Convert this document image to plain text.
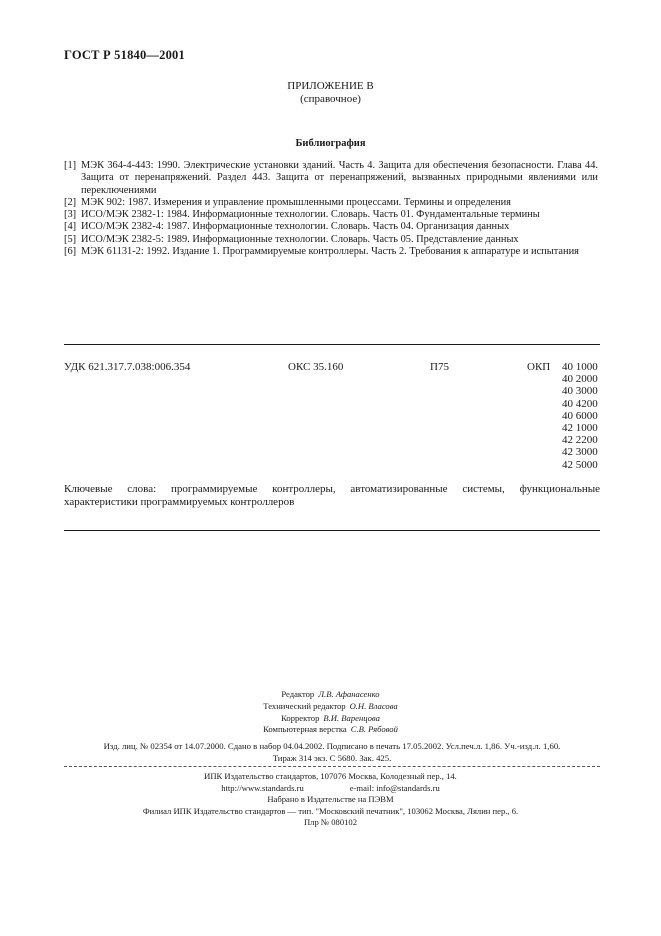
ГОСТ Р 51840—2001
ПРИЛОЖЕНИЕ В
(справочное)
Библиография
[1] МЭК 364-4-443: 1990. Электрические установки зданий. Часть 4. Защита для обеспечения безопасности. Глава 44. Защита от перенапряжений. Раздел 443. Защита от перенапряжений, вызванных природными явлениями или переключениями
[2] МЭК 902: 1987. Измерения и управление промышленными процессами. Термины и определения
[3] ИСО/МЭК 2382-1: 1984. Информационные технологии. Словарь. Часть 01. Фундаментальные термины
[4] ИСО/МЭК 2382-4: 1987. Информационные технологии. Словарь. Часть 04. Организация данных
[5] ИСО/МЭК 2382-5: 1989. Информационные технологии. Словарь. Часть 05. Представление данных
[6] МЭК 61131-2: 1992. Издание 1. Программируемые контроллеры. Часть 2. Требования к аппаратуре и испытания
УДК 621.317.7.038:006.354	ОКС 35.160	П75	ОКП 40 1000
40 2000
40 3000
40 4200
40 6000
42 1000
42 2200
42 3000
42 5000
Ключевые слова: программируемые контроллеры, автоматизированные системы, функциональные характеристики программируемых контроллеров
Редактор Л.В. Афанасенко
Технический редактор О.Н. Власова
Корректор В.И. Варенцова
Компьютерная верстка С.В. Рябовой
Изд. лиц. № 02354 от 14.07.2000. Сдано в набор 04.04.2002. Подписано в печать 17.05.2002. Усл.печ.л. 1,86. Уч.-изд.л. 1,60.
Тираж 314 экз. С 5680. Зак. 425.
ИПК Издательство стандартов, 107076 Москва, Колодезный пер., 14.
http://www.standards.ru	e-mail: info@standards.ru
Набрано в Издательстве на ПЭВМ
Филиал ИПК Издательство стандартов — тип. "Московский печатник", 103062 Москва, Лялин пер., 6.
Плр № 080102
